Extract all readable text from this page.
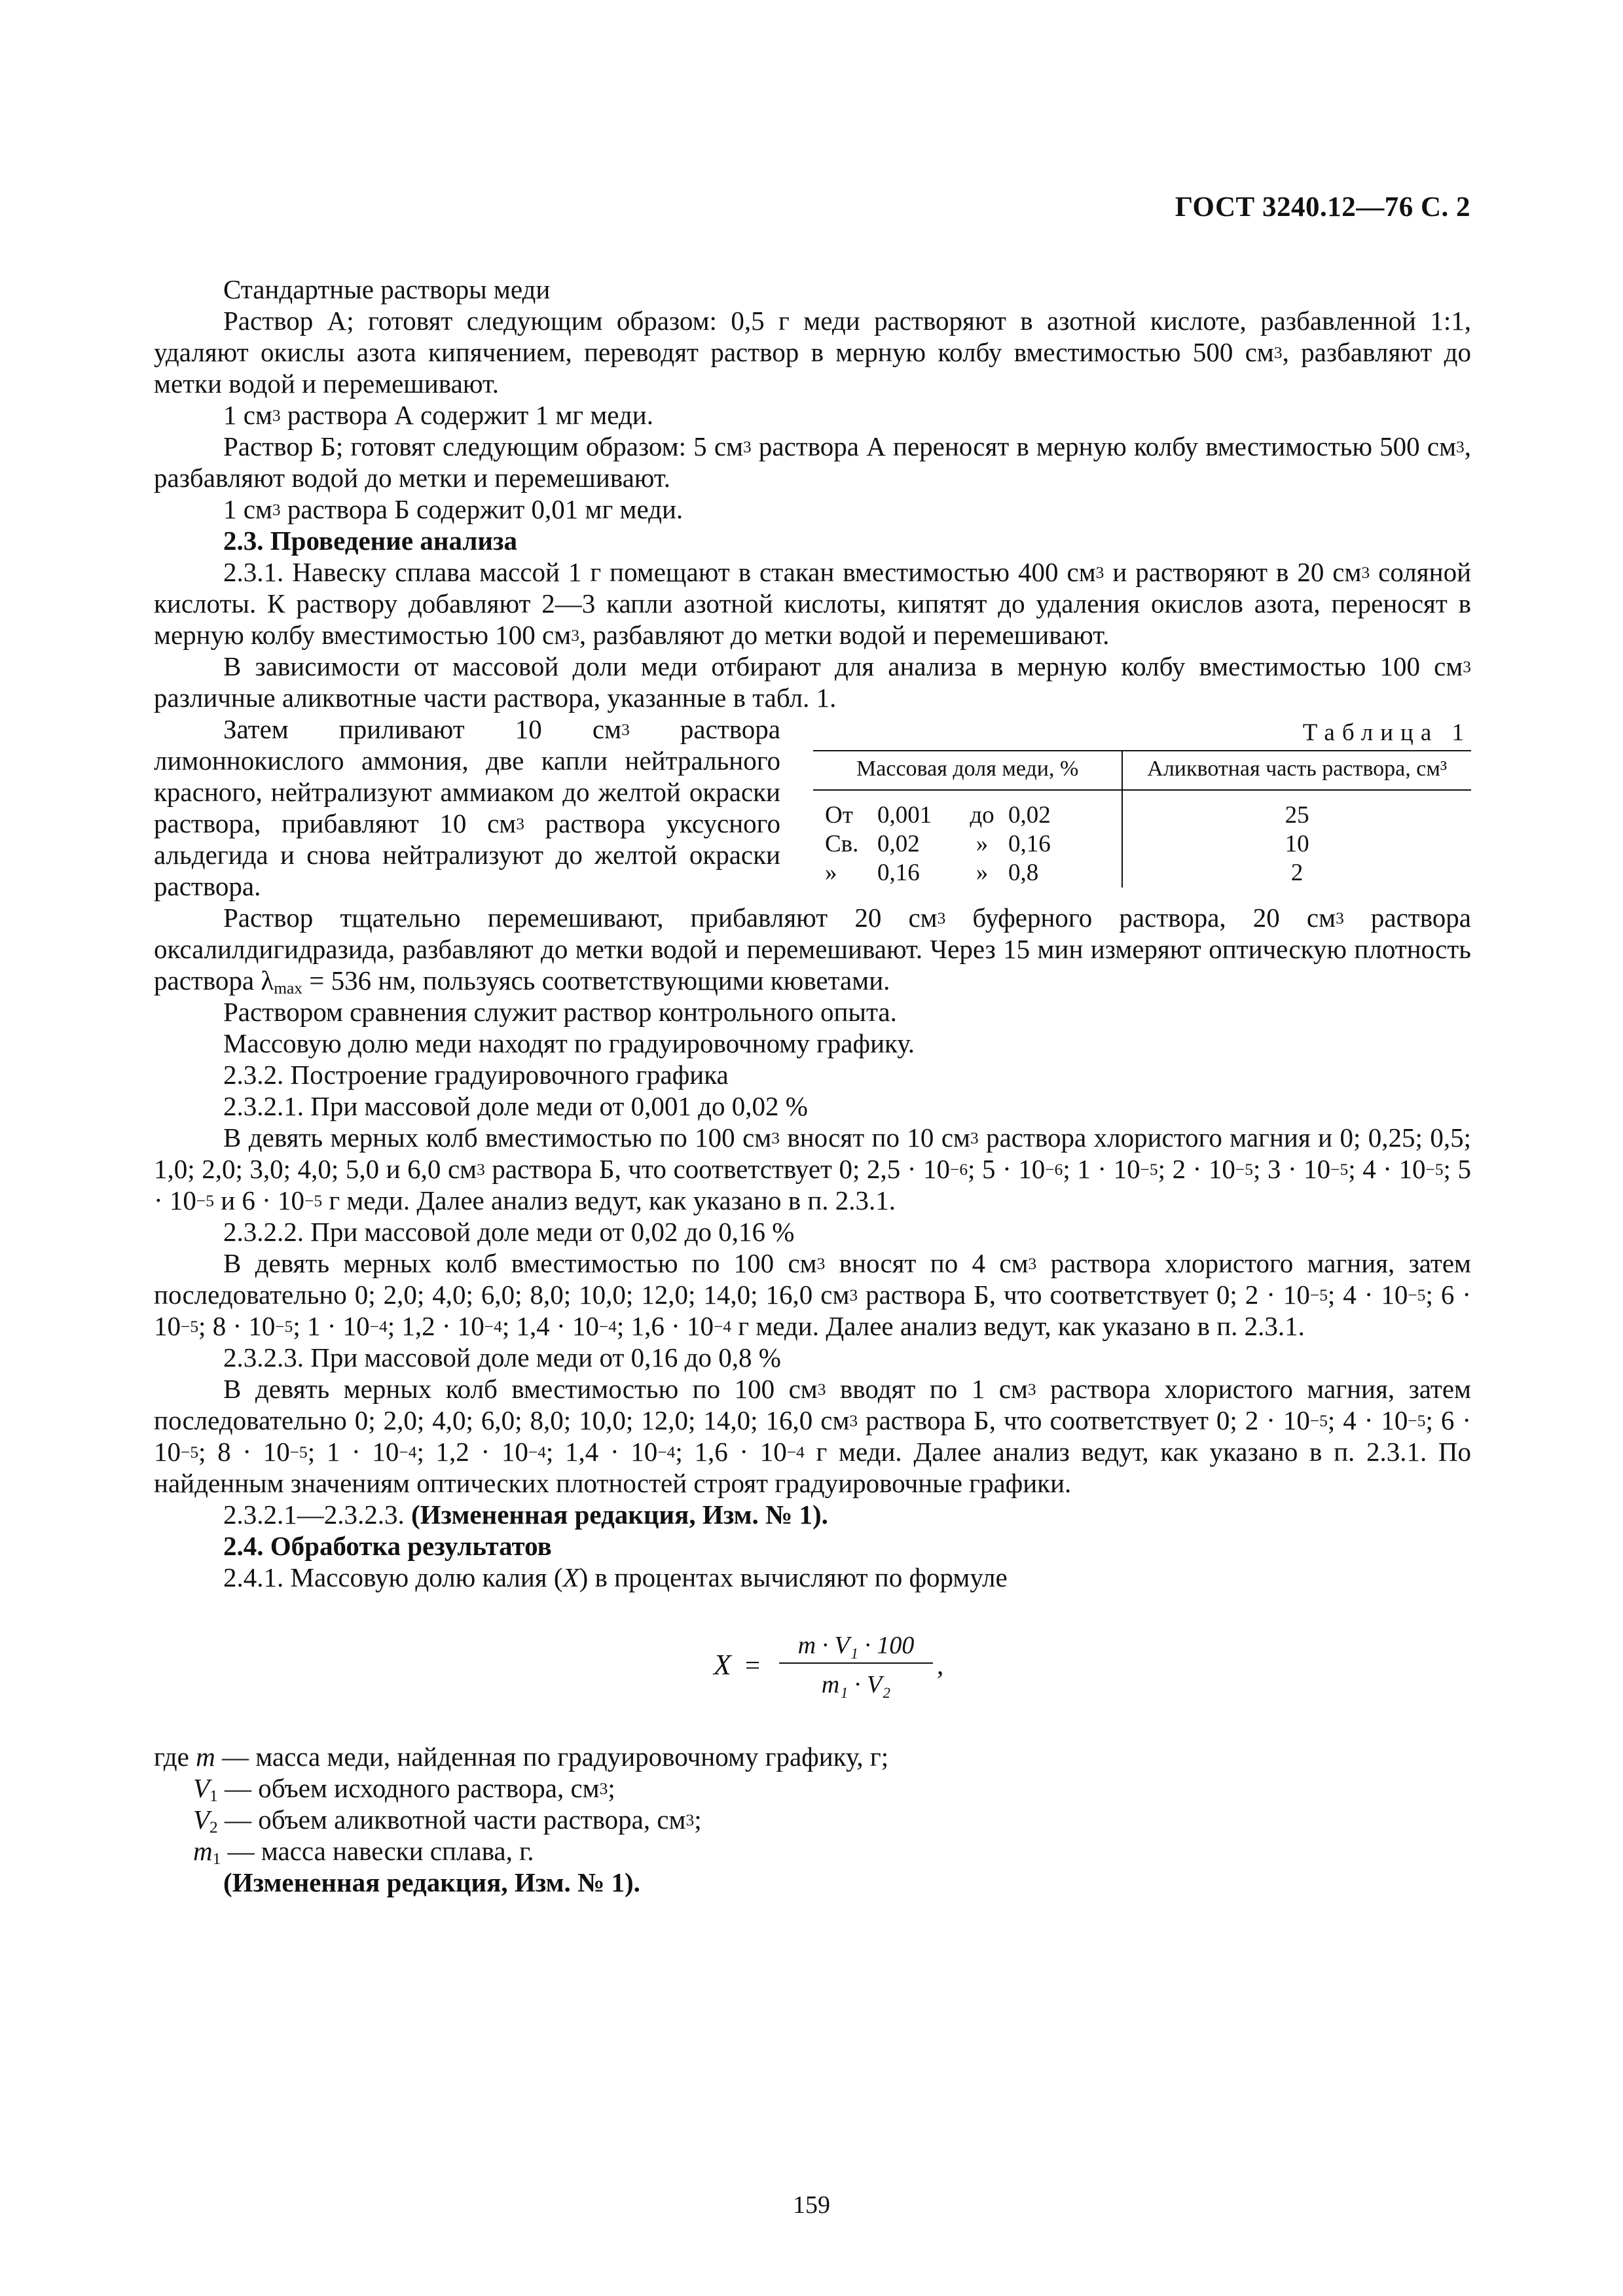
ГОСТ 3240.12—76 С. 2

Стандартные растворы меди

Раствор А; готовят следующим образом: 0,5 г меди растворяют в азотной кислоте, разбавленной 1:1, удаляют окислы азота кипячением, переводят раствор в мерную колбу вместимостью 500 $см^3$, разбавляют до метки водой и перемешивают.

1 $см^3$ раствора А содержит 1 мг меди.

Раствор Б; готовят следующим образом: 5 $см^3$ раствора А переносят в мерную колбу вместимостью 500 $см^3$, разбавляют водой до метки и перемешивают.

1 $см^3$ раствора Б содержит 0,01 мг меди.

2.3. Проведение анализа

2.3.1. Навеску сплава массой 1 г помещают в стакан вместимостью 400 $см^3$ и растворяют в 20 $см^3$ соляной кислоты. К раствору добавляют 2—3 капли азотной кислоты, кипятят до удаления окислов азота, переносят в мерную колбу вместимостью 100 $см^3$, разбавляют до метки водой и перемешивают.

В зависимости от массовой доли меди отбирают для анализа в мерную колбу вместимостью 100 $см^3$ различные аликвотные части раствора, указанные в табл. 1.

Таблица 1
Массовая доля меди, %	Аликвотная часть раствора, см³
От 0,001 до 0,02	25
Св. 0,02 » 0,16	10
» 0,16 » 0,8	2

Затем приливают 10 $см^3$ раствора лимоннокислого аммония, две капли нейтрального красного, нейтрализуют аммиаком до желтой окраски раствора, прибавляют 10 $см^3$ раствора уксусного альдегида и снова нейтрализуют до желтой окраски раствора.

Раствор тщательно перемешивают, прибавляют 20 $см^3$ буферного раствора, 20 $см^3$ раствора оксалилдигидразида, разбавляют до метки водой и перемешивают. Через 15 мин измеряют оптическую плотность раствора $\lambda_{max} = 536$ нм, пользуясь соответствующими кюветами.

Раствором сравнения служит раствор контрольного опыта.

Массовую долю меди находят по градуировочному графику.

2.3.2. Построение градуировочного графика

2.3.2.1. При массовой доле меди от 0,001 до 0,02 %

В девять мерных колб вместимостью по 100 $см^3$ вносят по 10 $см^3$ раствора хлористого магния и 0; 0,25; 0,5; 1,0; 2,0; 3,0; 4,0; 5,0 и 6,0 $см^3$ раствора Б, что соответствует 0; $2,5 \cdot 10^{-6}$; $5 \cdot 10^{-6}$; $1 \cdot 10^{-5}$; $2 \cdot 10^{-5}$; $3 \cdot 10^{-5}$; $4 \cdot 10^{-5}$; $5 \cdot 10^{-5}$ и $6 \cdot 10^{-5}$ г меди. Далее анализ ведут, как указано в п. 2.3.1.

2.3.2.2. При массовой доле меди от 0,02 до 0,16 %

В девять мерных колб вместимостью по 100 $см^3$ вносят по 4 $см^3$ раствора хлористого магния, затем последовательно 0; 2,0; 4,0; 6,0; 8,0; 10,0; 12,0; 14,0; 16,0 $см^3$ раствора Б, что соответствует 0; $2 \cdot 10^{-5}$; $4 \cdot 10^{-5}$; $6 \cdot 10^{-5}$; $8 \cdot 10^{-5}$; $1 \cdot 10^{-4}$; $1,2 \cdot 10^{-4}$; $1,4 \cdot 10^{-4}$; $1,6 \cdot 10^{-4}$ г меди. Далее анализ ведут, как указано в п. 2.3.1.

2.3.2.3. При массовой доле меди от 0,16 до 0,8 %

В девять мерных колб вместимостью по 100 $см^3$ вводят по 1 $см^3$ раствора хлористого магния, затем последовательно 0; 2,0; 4,0; 6,0; 8,0; 10,0; 12,0; 14,0; 16,0 $см^3$ раствора Б, что соответствует 0; $2 \cdot 10^{-5}$; $4 \cdot 10^{-5}$; $6 \cdot 10^{-5}$; $8 \cdot 10^{-5}$; $1 \cdot 10^{-4}$; $1,2 \cdot 10^{-4}$; $1,4 \cdot 10^{-4}$; $1,6 \cdot 10^{-4}$ г меди. Далее анализ ведут, как указано в п. 2.3.1. По найденным значениям оптических плотностей строят градуировочные графики.

2.3.2.1—2.3.2.3. (Измененная редакция, Изм. № 1).

2.4. Обработка результатов

2.4.1. Массовую долю калия (X) в процентах вычисляют по формуле

X =
m · V₁ · 100
m₁ · V₂
,

где m — масса меди, найденная по градуировочному графику, г;

$V_1$ — объем исходного раствора, $см^3$;

$V_2$ — объем аликвотной части раствора, $см^3$;

$m_1$ — масса навески сплава, г.

(Измененная редакция, Изм. № 1).

159
